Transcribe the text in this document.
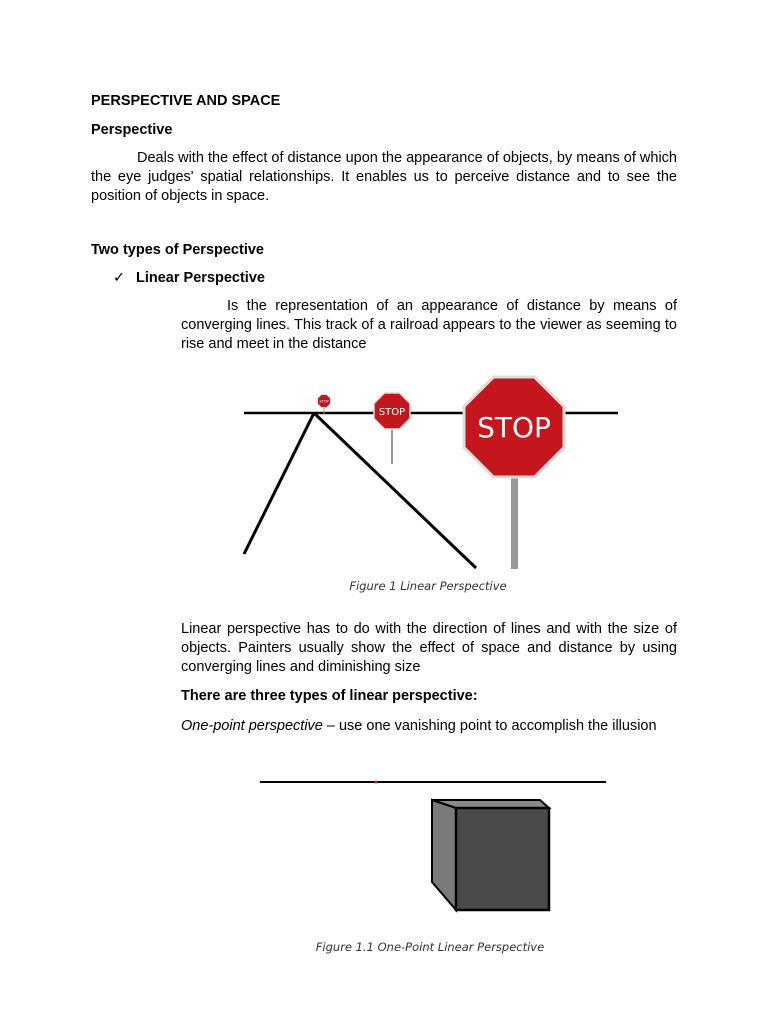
PERSPECTIVE AND SPACE
Perspective
Deals with the effect of distance upon the appearance of objects, by means of which the eye judges' spatial relationships. It enables us to perceive distance and to see the position of objects in space.
Two types of Perspective
✓ Linear Perspective
Is the representation of an appearance of distance by means of converging lines. This track of a railroad appears to the viewer as seeming to rise and meet in the distance
STOP
STOP	STOP
Figure 1 Linear Perspective
Linear perspective has to do with the direction of lines and with the size of objects. Painters usually show the effect of space and distance by using converging lines and diminishing size
There are three types of linear perspective:
One-point perspective – use one vanishing point to accomplish the illusion
Figure 1.1 One-Point Linear Perspective
